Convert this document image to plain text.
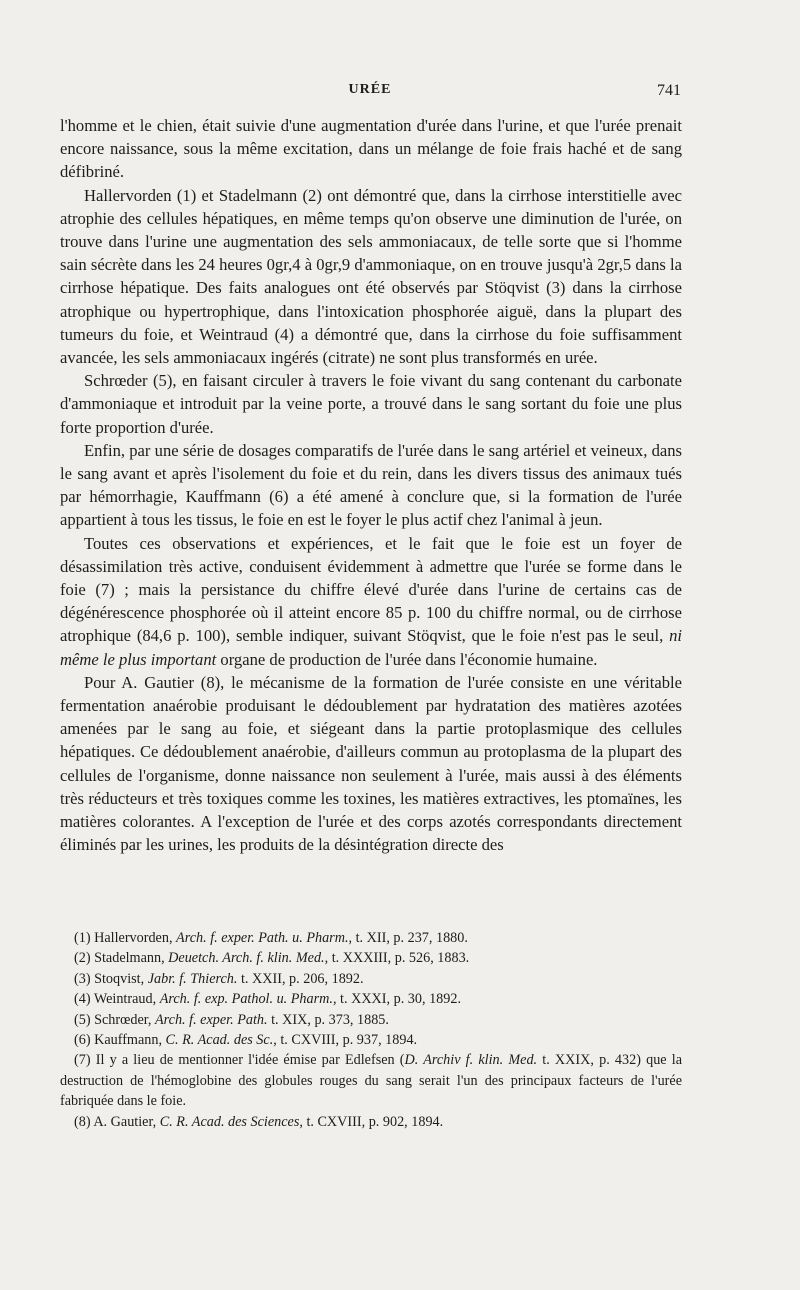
URÉE	741

l'homme et le chien, était suivie d'une augmentation d'urée dans l'urine, et que l'urée prenait encore naissance, sous la même excitation, dans un mélange de foie frais haché et de sang défibriné.

Hallervorden (1) et Stadelmann (2) ont démontré que, dans la cirrhose interstitielle avec atrophie des cellules hépatiques, en même temps qu'on observe une diminution de l'urée, on trouve dans l'urine une augmentation des sels ammoniacaux, de telle sorte que si l'homme sain sécrète dans les 24 heures 0gr,4 à 0gr,9 d'ammoniaque, on en trouve jusqu'à 2gr,5 dans la cirrhose hépatique. Des faits analogues ont été observés par Stöqvist (3) dans la cirrhose atrophique ou hypertrophique, dans l'intoxication phosphorée aiguë, dans la plupart des tumeurs du foie, et Weintraud (4) a démontré que, dans la cirrhose du foie suffisamment avancée, les sels ammoniacaux ingérés (citrate) ne sont plus transformés en urée.

Schrœder (5), en faisant circuler à travers le foie vivant du sang contenant du carbonate d'ammoniaque et introduit par la veine porte, a trouvé dans le sang sortant du foie une plus forte proportion d'urée.

Enfin, par une série de dosages comparatifs de l'urée dans le sang artériel et veineux, dans le sang avant et après l'isolement du foie et du rein, dans les divers tissus des animaux tués par hémorrhagie, Kauffmann (6) a été amené à conclure que, si la formation de l'urée appartient à tous les tissus, le foie en est le foyer le plus actif chez l'animal à jeun.

Toutes ces observations et expériences, et le fait que le foie est un foyer de désassimilation très active, conduisent évidemment à admettre que l'urée se forme dans le foie (7) ; mais la persistance du chiffre élevé d'urée dans l'urine de certains cas de dégénérescence phosphorée où il atteint encore 85 p. 100 du chiffre normal, ou de cirrhose atrophique (84,6 p. 100), semble indiquer, suivant Stöqvist, que le foie n'est pas le seul, ni même le plus important organe de production de l'urée dans l'économie humaine.

Pour A. Gautier (8), le mécanisme de la formation de l'urée consiste en une véritable fermentation anaérobie produisant le dédoublement par hydratation des matières azotées amenées par le sang au foie, et siégeant dans la partie protoplasmique des cellules hépatiques. Ce dédoublement anaérobie, d'ailleurs commun au protoplasma de la plupart des cellules de l'organisme, donne naissance non seulement à l'urée, mais aussi à des éléments très réducteurs et très toxiques comme les toxines, les matières extractives, les ptomaïnes, les matières colorantes. A l'exception de l'urée et des corps azotés correspondants directement éliminés par les urines, les produits de la désintégration directe des

(1) Hallervorden, Arch. f. exper. Path. u. Pharm., t. XII, p. 237, 1880.

(2) Stadelmann, Deuetch. Arch. f. klin. Med., t. XXXIII, p. 526, 1883.

(3) Stoqvist, Jabr. f. Thierch. t. XXII, p. 206, 1892.

(4) Weintraud, Arch. f. exp. Pathol. u. Pharm., t. XXXI, p. 30, 1892.

(5) Schrœder, Arch. f. exper. Path. t. XIX, p. 373, 1885.

(6) Kauffmann, C. R. Acad. des Sc., t. CXVIII, p. 937, 1894.

(7) Il y a lieu de mentionner l'idée émise par Edlefsen (D. Archiv f. klin. Med. t. XXIX, p. 432) que la destruction de l'hémoglobine des globules rouges du sang serait l'un des principaux facteurs de l'urée fabriquée dans le foie.

(8) A. Gautier, C. R. Acad. des Sciences, t. CXVIII, p. 902, 1894.
